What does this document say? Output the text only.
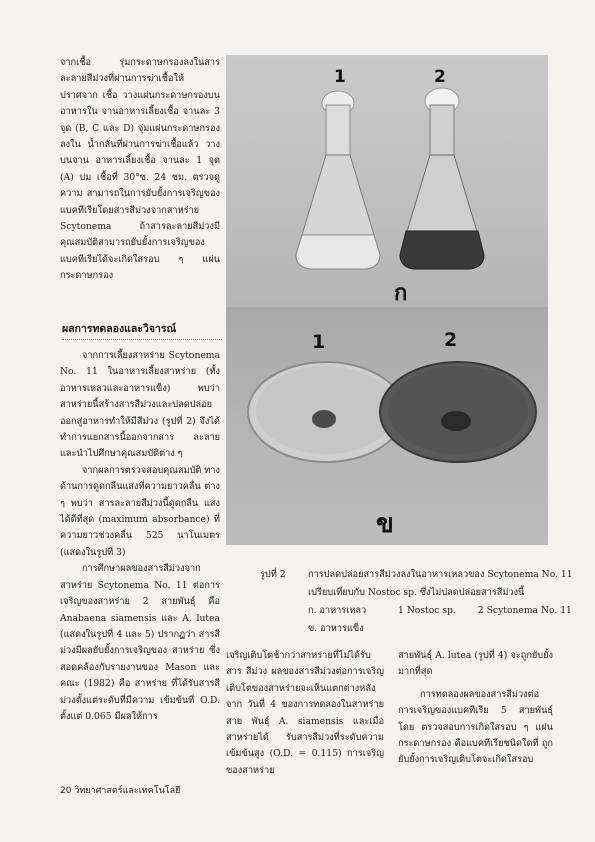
จากเชื้อ รุ่มกระดาษกรองลงในสาร ละลายสีม่วงที่ผ่านการฆ่าเชื้อให้ปราศจาก เชื้อ วางแผ่นกระดาษกรองบนอาหารใน จานอาหารเลี้ยงเชื้อ จานละ 3 จุด (B, C และ D) จุ่มแผ่นกระดาษกรองลงใน น้ำกลั่นที่ผ่านการฆ่าเชื้อแล้ว วางบนจาน อาหารเลี้ยงเชื้อ จานละ 1 จุด (A) บ่ม เชื้อที่ 30°ซ. 24 ชม. ตรวจดูความ สามารถในการยับยั้งการเจริญของ แบคทีเรียโดยสารสีม่วงจากสาหร่าย Scytonema ถ้าสารละลายสีม่วงมี คุณสมบัติสามารถยับยั้งการเจริญของ แบคทีเรียได้จะเกิดใสรอบ ๆ แผ่น กระดาษกรอง

ผลการทดลองและวิจารณ์

จากการเลี้ยงสาหร่าย Scytonema No. 11 ในอาหารเลี้ยงสาหร่าย (ทั้ง อาหารเหลวและอาหารแข็ง) พบว่า สาหร่ายนี้สร้างสารสีม่วงและปลดปล่อย ออกสู่อาหารทำให้มีสีม่วง (รูปที่ 2) จึงได้ทำการแยกสารนี้ออกจากสาร ละลาย และนำไปศึกษาคุณสมบัติต่าง ๆ

จากผลการตรวจสอบคุณสมบัติ ทางด้านการดูดกลืนแสงที่ความยาวคลื่น ต่าง ๆ พบว่า สารละลายสีม่วงนี้ดูดกลืน แสงได้ดีที่สุด (maximum absorbance) ที่ความยาวช่วงคลื่น 525 นาโนเมตร (แสดงในรูปที่ 3)

การศึกษาผลของสารสีม่วงจาก สาหร่าย Scytonema No. 11 ต่อการ เจริญของสาหร่าย 2 สายพันธุ์ คือ Anabaena siamensis และ A. lutea (แสดงในรูปที่ 4 และ 5) ปรากฏว่า สารสีม่วงมีผลยับยั้งการเจริญของ สาหร่าย ซึ่งสอดคล้องกับรายงานของ Mason และคณะ (1982) คือ สาหร่าย ที่ได้รับสารสีม่วงตั้งแต่ระดับที่มีความ เข้มข้นที่ O.D. ตั้งแต่ 0.065 มีผลให้การ

1	2
ก
1	2
ข
รูปที่ 2 การปลดปล่อยสารสีม่วงลงในอาหารเหลวของ Scytonema No. 11
เปรียบเทียบกับ Nostoc sp. ซึ่งไม่ปลดปล่อยสารสีม่วงนี้
ก. อาหารเหลว	1 Nostoc sp. 2 Scytonema No. 11
ข. อาหารแข็ง

เจริญเติบโตช้ากว่าสาหร่ายที่ไม่ได้รับสาร สีม่วง ผลของสารสีม่วงต่อการเจริญ เติบโตของสาหร่ายจะเห็นแตกต่างหลังจาก วันที่ 4 ของการทดลองในสาหร่ายสาย พันธุ์ A. siamensis และเมื่อสาหร่ายได้ รับสารสีม่วงที่ระดับความเข้มข้นสูง (O.D. = 0.115) การเจริญของสาหร่าย

สายพันธุ์ A. lutea (รูปที่ 4) จะถูกยับยั้ง มากที่สุด

การทดลองผลของสารสีม่วงต่อ การเจริญของแบคทีเรีย 5 สายพันธุ์ โดย ตรวจสอบการเกิดใสรอบ ๆ แผ่น กระดาษกรอง คือแบคทีเรียชนิดใดที่ ถูกยับยั้งการเจริญเติบโตจะเกิดใสรอบ

20 วิทยาศาสตร์และเทคโนโลยี
